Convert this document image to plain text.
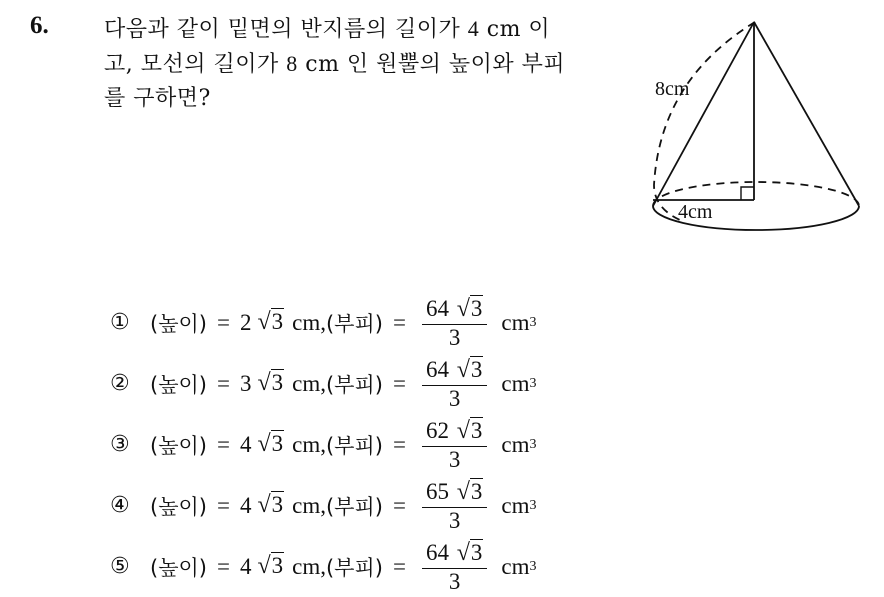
6.	다음과 같이 밑면의 반지름의 길이가 4 cm 이
고, 모선의 길이가 8 cm 인 원뿔의 높이와 부피
를 구하면?	8cm
4cm
① (높이) = 2 √3 cm, (부피) = $\frac{64 √3}{3}$ cm 3
② (높이) = 3 √3 cm, (부피) = $\frac{64 √3}{3}$ cm 3
③ (높이) = 4 √3 cm, (부피) = $\frac{62 √3}{3}$ cm 3
④ (높이) = 4 √3 cm, (부피) = $\frac{65 √3}{3}$ cm 3
⑤ (높이) = 4 √3 cm, (부피) = $\frac{64 √3}{3}$ cm 3
